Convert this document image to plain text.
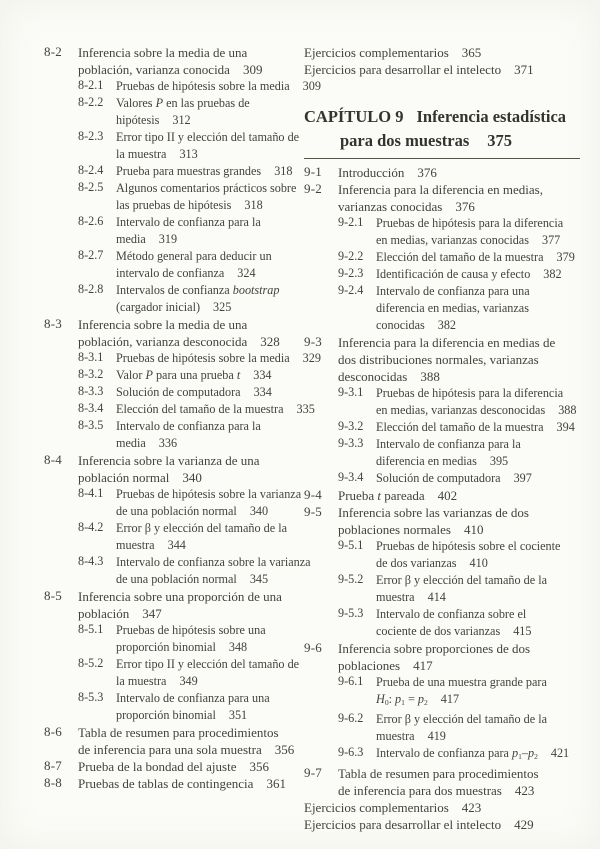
8-2	Inferencia sobre la media de una
población, varianza conocida 309
8-2.1	Pruebas de hipótesis sobre la media 309
8-2.2	Valores P en las pruebas de
hipótesis 312
8-2.3	Error tipo II y elección del tamaño de
la muestra 313
8-2.4	Prueba para muestras grandes 318
8-2.5	Algunos comentarios prácticos sobre
las pruebas de hipótesis 318
8-2.6	Intervalo de confianza para la
media 319
8-2.7	Método general para deducir un
intervalo de confianza 324
8-2.8	Intervalos de confianza bootstrap
(cargador inicial) 325
8-3	Inferencia sobre la media de una
población, varianza desconocida 328
8-3.1	Pruebas de hipótesis sobre la media 329
8-3.2	Valor P para una prueba t 334
8-3.3	Solución de computadora 334
8-3.4	Elección del tamaño de la muestra 335
8-3.5	Intervalo de confianza para la
media 336
8-4	Inferencia sobre la varianza de una
población normal 340
8-4.1	Pruebas de hipótesis sobre la varianza
de una población normal 340
8-4.2	Error β y elección del tamaño de la
muestra 344
8-4.3	Intervalo de confianza sobre la varianza
de una población normal 345
8-5	Inferencia sobre una proporción de una
población 347
8-5.1	Pruebas de hipótesis sobre una
proporción binomial 348
8-5.2	Error tipo II y elección del tamaño de
la muestra 349
8-5.3	Intervalo de confianza para una
proporción binomial 351
8-6	Tabla de resumen para procedimientos
de inferencia para una sola muestra 356
8-7	Prueba de la bondad del ajuste 356
8-8	Pruebas de tablas de contingencia 361
Ejercicios complementarios 365
Ejercicios para desarrollar el intelecto 371
CAPÍTULO 9 Inferencia estadística
para dos muestras 375
9-1	Introducción 376
9-2	Inferencia para la diferencia en medias,
varianzas conocidas 376
9-2.1	Pruebas de hipótesis para la diferencia
en medias, varianzas conocidas 377
9-2.2	Elección del tamaño de la muestra 379
9-2.3	Identificación de causa y efecto 382
9-2.4	Intervalo de confianza para una
diferencia en medias, varianzas
conocidas 382
9-3	Inferencia para la diferencia en medias de
dos distribuciones normales, varianzas
desconocidas 388
9-3.1	Pruebas de hipótesis para la diferencia
en medias, varianzas desconocidas 388
9-3.2	Elección del tamaño de la muestra 394
9-3.3	Intervalo de confianza para la
diferencia en medias 395
9-3.4	Solución de computadora 397
9-4	Prueba t pareada 402
9-5	Inferencia sobre las varianzas de dos
poblaciones normales 410
9-5.1	Pruebas de hipótesis sobre el cociente
de dos varianzas 410
9-5.2	Error β y elección del tamaño de la
muestra 414
9-5.3	Intervalo de confianza sobre el
cociente de dos varianzas 415
9-6	Inferencia sobre proporciones de dos
poblaciones 417
9-6.1	Prueba de una muestra grande para
$H_0$: $p_1 = p_2$ 417
9-6.2	Error β y elección del tamaño de la
muestra 419
9-6.3	Intervalo de confianza para $p_1-p_2$ 421
9-7	Tabla de resumen para procedimientos
de inferencia para dos muestras 423
Ejercicios complementarios 423
Ejercicios para desarrollar el intelecto 429
